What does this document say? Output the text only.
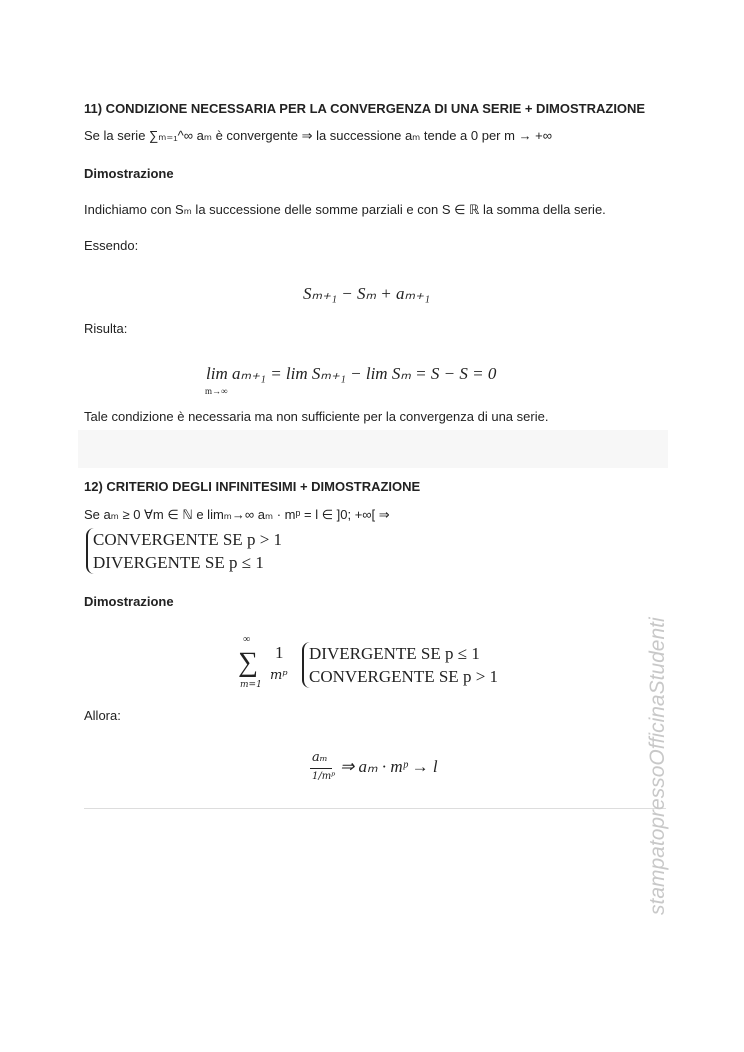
11) CONDIZIONE NECESSARIA PER LA CONVERGENZA DI UNA SERIE + DIMOSTRAZIONE
Se la serie ∑ₘ₌₁^∞ aₘ è convergente ⇒ la successione aₘ tende a 0 per m → +∞
Dimostrazione
Indichiamo con Sₘ la successione delle somme parziali e con S ∈ ℝ la somma della serie.
Essendo:
Sₘ₊₁ − Sₘ + aₘ₊₁
Risulta:
lim aₘ₊₁ = lim Sₘ₊₁ − lim Sₘ = S − S = 0
m→∞
Tale condizione è necessaria ma non sufficiente per la convergenza di una serie.
12) CRITERIO DEGLI INFINITESIMI + DIMOSTRAZIONE
Se aₘ ≥ 0 ∀m ∈ ℕ e limₘ→∞ aₘ · mᵖ = l ∈ ]0; +∞[ ⇒
CONVERGENTE SE p > 1
DIVERGENTE SE p ≤ 1
Dimostrazione
∞
∑
m=1
1
mᵖ
DIVERGENTE SE p ≤ 1
CONVERGENTE SE p > 1
Allora:
aₘ
1/mᵖ
⇒ aₘ · mᵖ → l	stampatopressoOfficinaStudenti
